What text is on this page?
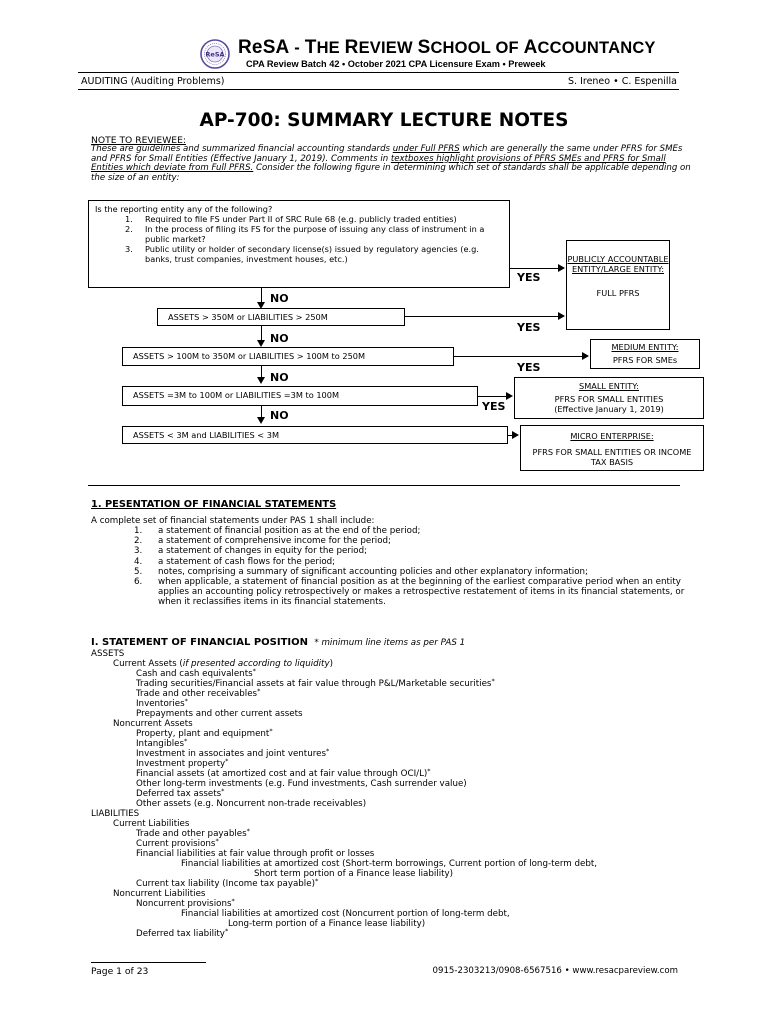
ReSA ReSA - THE REVIEW SCHOOL OF ACCOUNTANCY
CPA Review Batch 42 • October 2021 CPA Licensure Exam • Preweek
AUDITING (Auditing Problems)	S. Ireneo • C. Espenilla
AP-700: SUMMARY LECTURE NOTES
NOTE TO REVIEWEE:
These are guidelines and summarized financial accounting standards under Full PFRS which are generally the same under PFRS for SMEs and PFRS for Small Entities (Effective January 1, 2019). Comments in textboxes highlight provisions of PFRS SMEs and PFRS for Small Entities which deviate from Full PFRS. Consider the following figure in determining which set of standards shall be applicable depending on the size of an entity:
Is the reporting entity any of the following?
1. Required to file FS under Part II of SRC Rule 68 (e.g. publicly traded entities)
2. In the process of filing its FS for the purpose of issuing any class of instrument in a public market?
3. Public utility or holder of secondary license(s) issued by regulatory agencies (e.g. banks, trust companies, investment houses, etc.)
NO
ASSETS > 350M or LIABILITIES > 250M
NO
ASSETS > 100M to 350M or LIABILITIES > 100M to 250M
NO
ASSETS =3M to 100M or LIABILITIES =3M to 100M
NO
ASSETS < 3M and LIABILITIES < 3M
YES
YES
YES
YES
PUBLICLY ACCOUNTABLE ENTITY/LARGE ENTITY:
FULL PFRS
MEDIUM ENTITY:
PFRS FOR SMEs
SMALL ENTITY:
PFRS FOR SMALL ENTITIES (Effective January 1, 2019)
MICRO ENTERPRISE:
PFRS FOR SMALL ENTITIES OR INCOME TAX BASIS
1. PESENTATION OF FINANCIAL STATEMENTS
A complete set of financial statements under PAS 1 shall include:
1. a statement of financial position as at the end of the period;
2. a statement of comprehensive income for the period;
3. a statement of changes in equity for the period;
4. a statement of cash flows for the period;
5. notes, comprising a summary of significant accounting policies and other explanatory information;
6. when applicable, a statement of financial position as at the beginning of the earliest comparative period when an entity applies an accounting policy retrospectively or makes a retrospective restatement of items in its financial statements, or when it reclassifies items in its financial statements.
I. STATEMENT OF FINANCIAL POSITION * minimum line items as per PAS 1
ASSETS
Current Assets (if presented according to liquidity)
Cash and cash equivalents*
Trading securities/Financial assets at fair value through P&L/Marketable securities*
Trade and other receivables*
Inventories*
Prepayments and other current assets
Noncurrent Assets
Property, plant and equipment*
Intangibles*
Investment in associates and joint ventures*
Investment property*
Financial assets (at amortized cost and at fair value through OCI/L)*
Other long-term investments (e.g. Fund investments, Cash surrender value)
Deferred tax assets*
Other assets (e.g. Noncurrent non-trade receivables)
LIABILITIES
Current Liabilities
Trade and other payables*
Current provisions*
Financial liabilities at fair value through profit or losses
Financial liabilities at amortized cost (Short-term borrowings, Current portion of long-term debt,
Short term portion of a Finance lease liability)
Current tax liability (Income tax payable)*
Noncurrent Liabilities
Noncurrent provisions*
Financial liabilities at amortized cost (Noncurrent portion of long-term debt,
Long-term portion of a Finance lease liability)
Deferred tax liability*
Page 1 of 23	0915-2303213/0908-6567516 • www.resacpareview.com
